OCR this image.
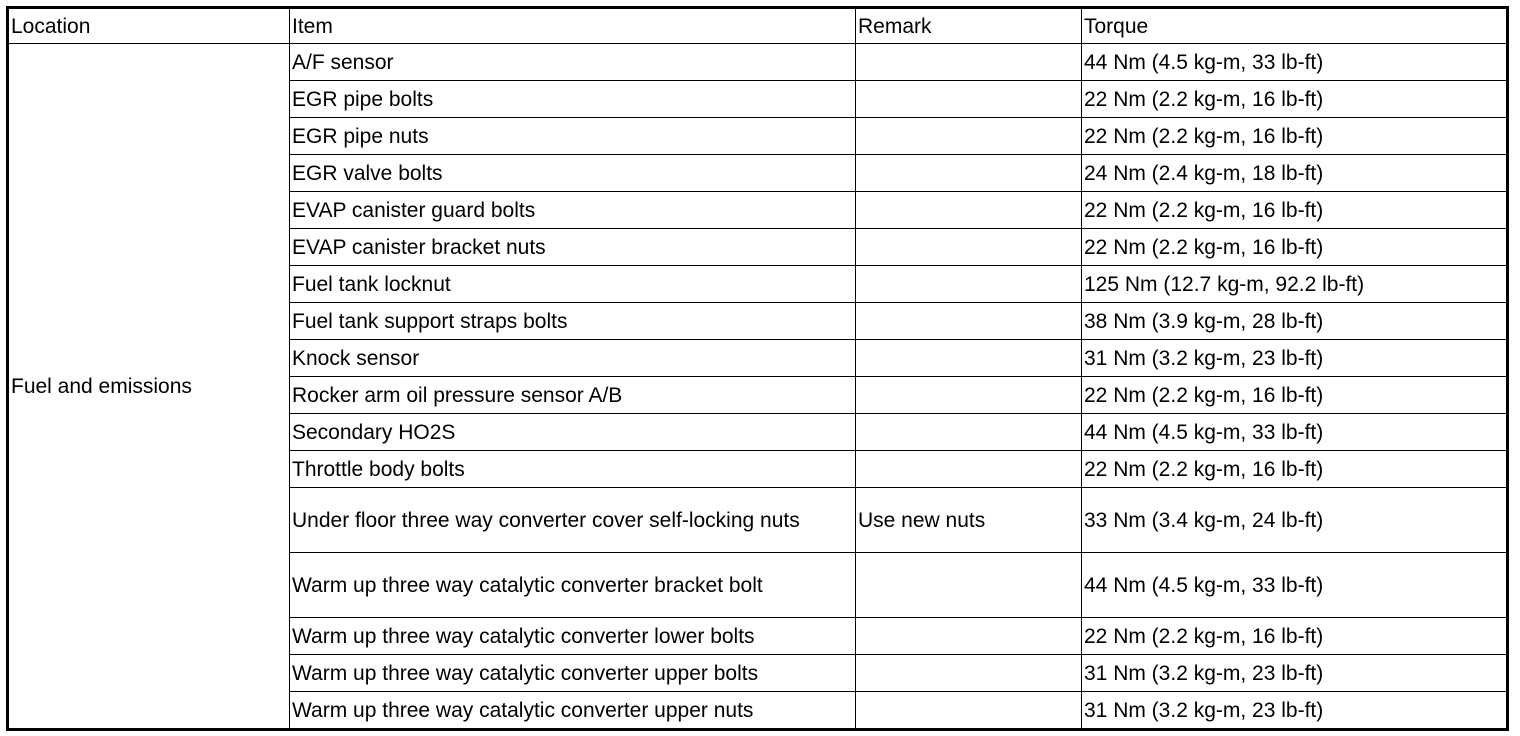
Location	Item	Remark	Torque
Fuel and emissions	A/F sensor		44 Nm (4.5 kg-m, 33 lb-ft)
	EGR pipe bolts		22 Nm (2.2 kg-m, 16 lb-ft)
	EGR pipe nuts		22 Nm (2.2 kg-m, 16 lb-ft)
	EGR valve bolts		24 Nm (2.4 kg-m, 18 lb-ft)
	EVAP canister guard bolts		22 Nm (2.2 kg-m, 16 lb-ft)
	EVAP canister bracket nuts		22 Nm (2.2 kg-m, 16 lb-ft)
	Fuel tank locknut		125 Nm (12.7 kg-m, 92.2 lb-ft)
	Fuel tank support straps bolts		38 Nm (3.9 kg-m, 28 lb-ft)
	Knock sensor		31 Nm (3.2 kg-m, 23 lb-ft)
	Rocker arm oil pressure sensor A/B		22 Nm (2.2 kg-m, 16 lb-ft)
	Secondary HO2S		44 Nm (4.5 kg-m, 33 lb-ft)
	Throttle body bolts		22 Nm (2.2 kg-m, 16 lb-ft)
	Under floor three way converter cover self-locking nuts	Use new nuts	33 Nm (3.4 kg-m, 24 lb-ft)
	Warm up three way catalytic converter bracket bolt		44 Nm (4.5 kg-m, 33 lb-ft)
	Warm up three way catalytic converter lower bolts		22 Nm (2.2 kg-m, 16 lb-ft)
	Warm up three way catalytic converter upper bolts		31 Nm (3.2 kg-m, 23 lb-ft)
	Warm up three way catalytic converter upper nuts		31 Nm (3.2 kg-m, 23 lb-ft)
